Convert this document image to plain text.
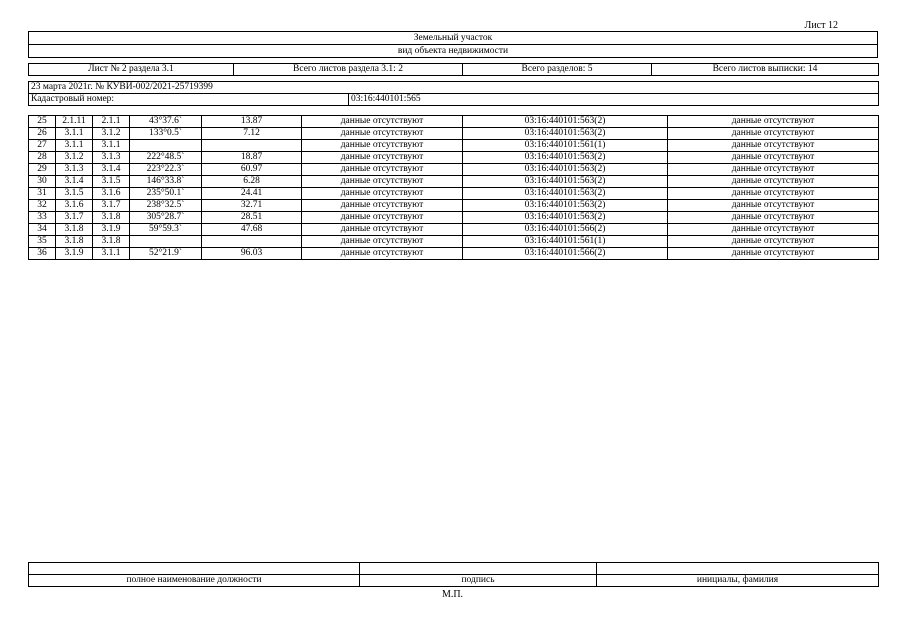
Лист 12
Земельный участок
вид объекта недвижимости
Лист № 2 раздела 3.1	Всего листов раздела 3.1: 2	Всего разделов: 5	Всего листов выписки: 14
23 марта 2021г. № КУВИ-002/2021-25719399
Кадастровый номер:	03:16:440101:565
25	2.1.11	2.1.1	43°37.6`	13.87	данные отсутствуют	03:16:440101:563(2)	данные отсутствуют
26	3.1.1	3.1.2	133°0.5`	7.12	данные отсутствуют	03:16:440101:563(2)	данные отсутствуют
27	3.1.1	3.1.1			данные отсутствуют	03:16:440101:561(1)	данные отсутствуют
28	3.1.2	3.1.3	222°48.5`	18.87	данные отсутствуют	03:16:440101:563(2)	данные отсутствуют
29	3.1.3	3.1.4	223°22.3`	60.97	данные отсутствуют	03:16:440101:563(2)	данные отсутствуют
30	3.1.4	3.1.5	146°33.8`	6.28	данные отсутствуют	03:16:440101:563(2)	данные отсутствуют
31	3.1.5	3.1.6	235°50.1`	24.41	данные отсутствуют	03:16:440101:563(2)	данные отсутствуют
32	3.1.6	3.1.7	238°32.5`	32.71	данные отсутствуют	03:16:440101:563(2)	данные отсутствуют
33	3.1.7	3.1.8	305°28.7`	28.51	данные отсутствуют	03:16:440101:563(2)	данные отсутствуют
34	3.1.8	3.1.9	59°59.3`	47.68	данные отсутствуют	03:16:440101:566(2)	данные отсутствуют
35	3.1.8	3.1.8			данные отсутствуют	03:16:440101:561(1)	данные отсутствуют
36	3.1.9	3.1.1	52°21.9`	96.03	данные отсутствуют	03:16:440101:566(2)	данные отсутствуют

полное наименование должности	подпись	инициалы, фамилия
М.П.
